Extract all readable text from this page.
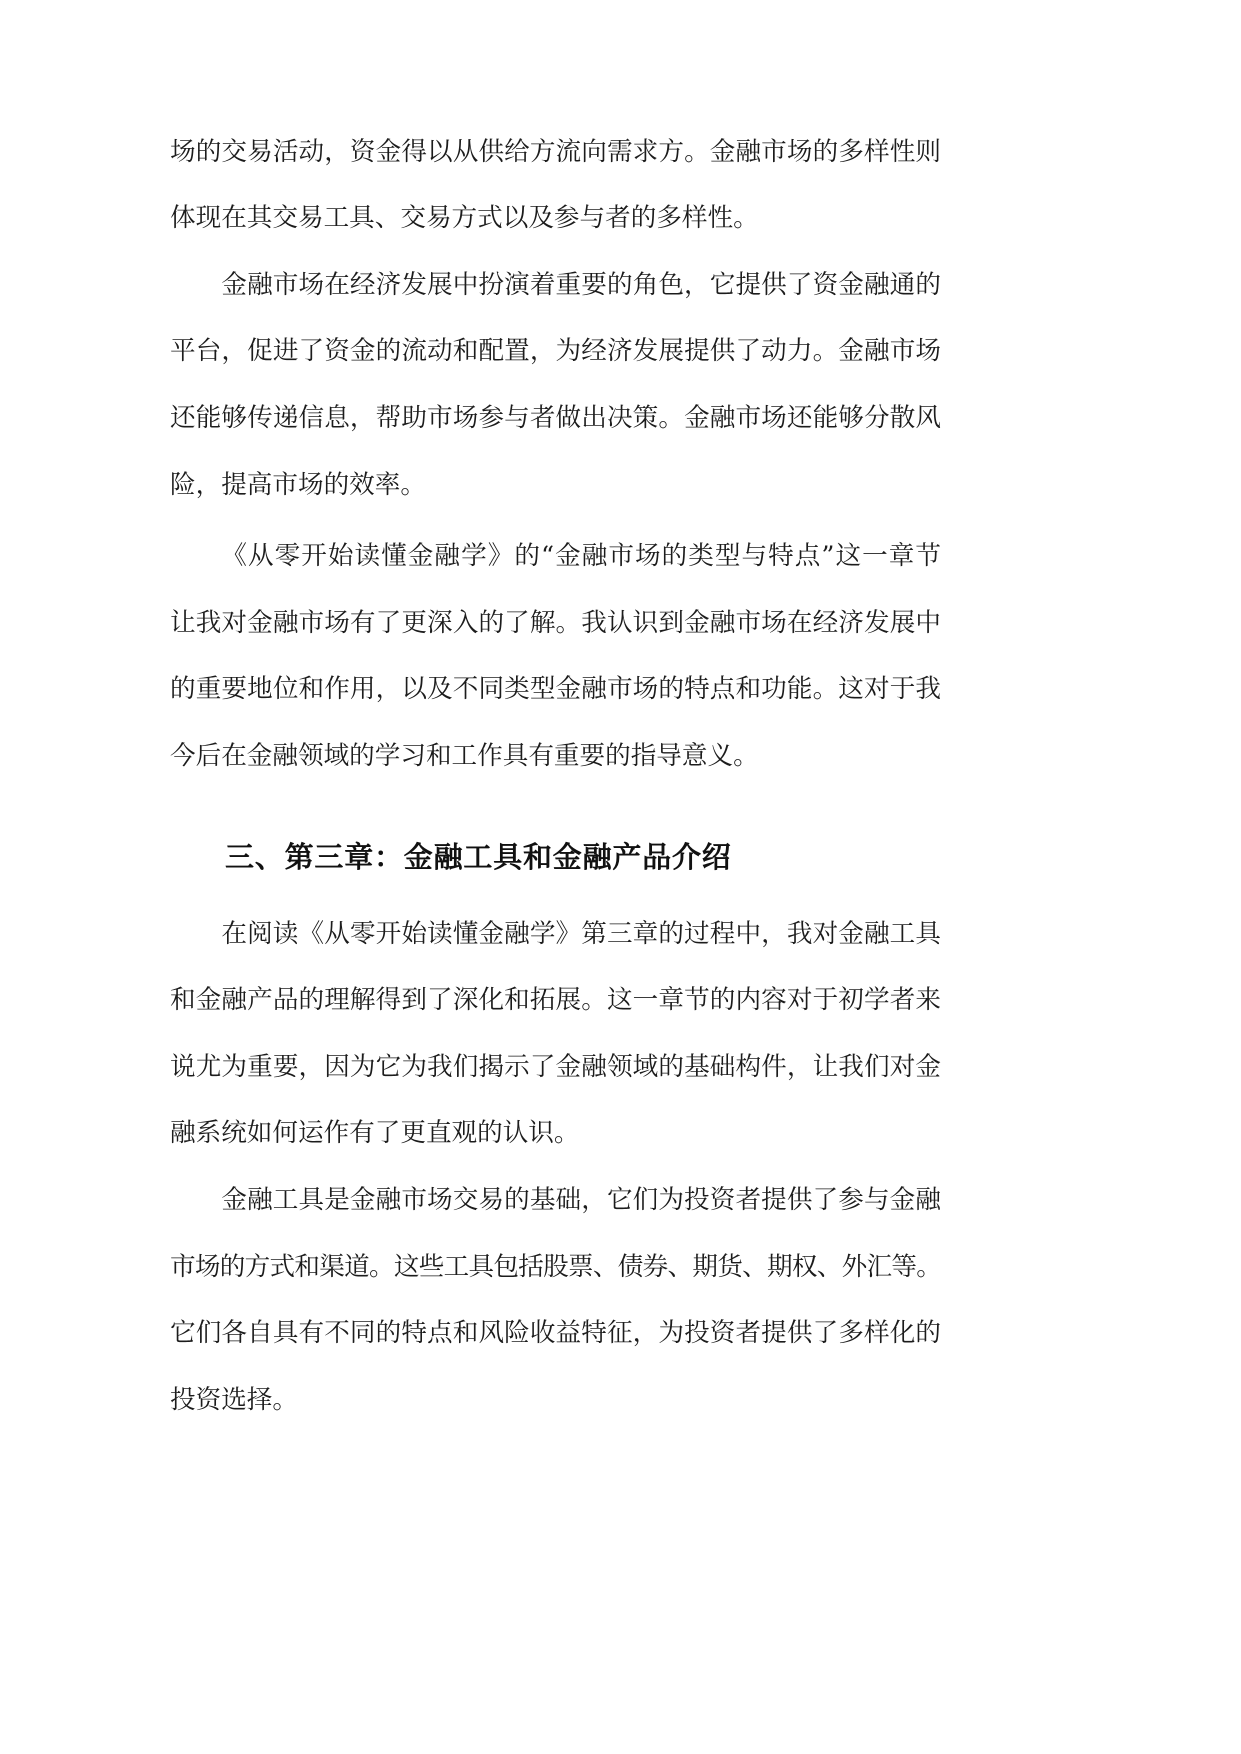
场的交易活动，资金得以从供给方流向需求方。金融市场的多样性则
体现在其交易工具、交易方式以及参与者的多样性。
金融市场在经济发展中扮演着重要的角色，它提供了资金融通的
平台，促进了资金的流动和配置，为经济发展提供了动力。金融市场
还能够传递信息，帮助市场参与者做出决策。金融市场还能够分散风
险，提高市场的效率。
《从零开始读懂金融学》的“金融市场的类型与特点”这一章节
让我对金融市场有了更深入的了解。我认识到金融市场在经济发展中
的重要地位和作用，以及不同类型金融市场的特点和功能。这对于我
今后在金融领域的学习和工作具有重要的指导意义。
三、第三章：金融工具和金融产品介绍
在阅读《从零开始读懂金融学》第三章的过程中，我对金融工具
和金融产品的理解得到了深化和拓展。这一章节的内容对于初学者来
说尤为重要，因为它为我们揭示了金融领域的基础构件，让我们对金
融系统如何运作有了更直观的认识。
金融工具是金融市场交易的基础，它们为投资者提供了参与金融
市场的方式和渠道。这些工具包括股票、债券、期货、期权、外汇等。
它们各自具有不同的特点和风险收益特征，为投资者提供了多样化的
投资选择。
